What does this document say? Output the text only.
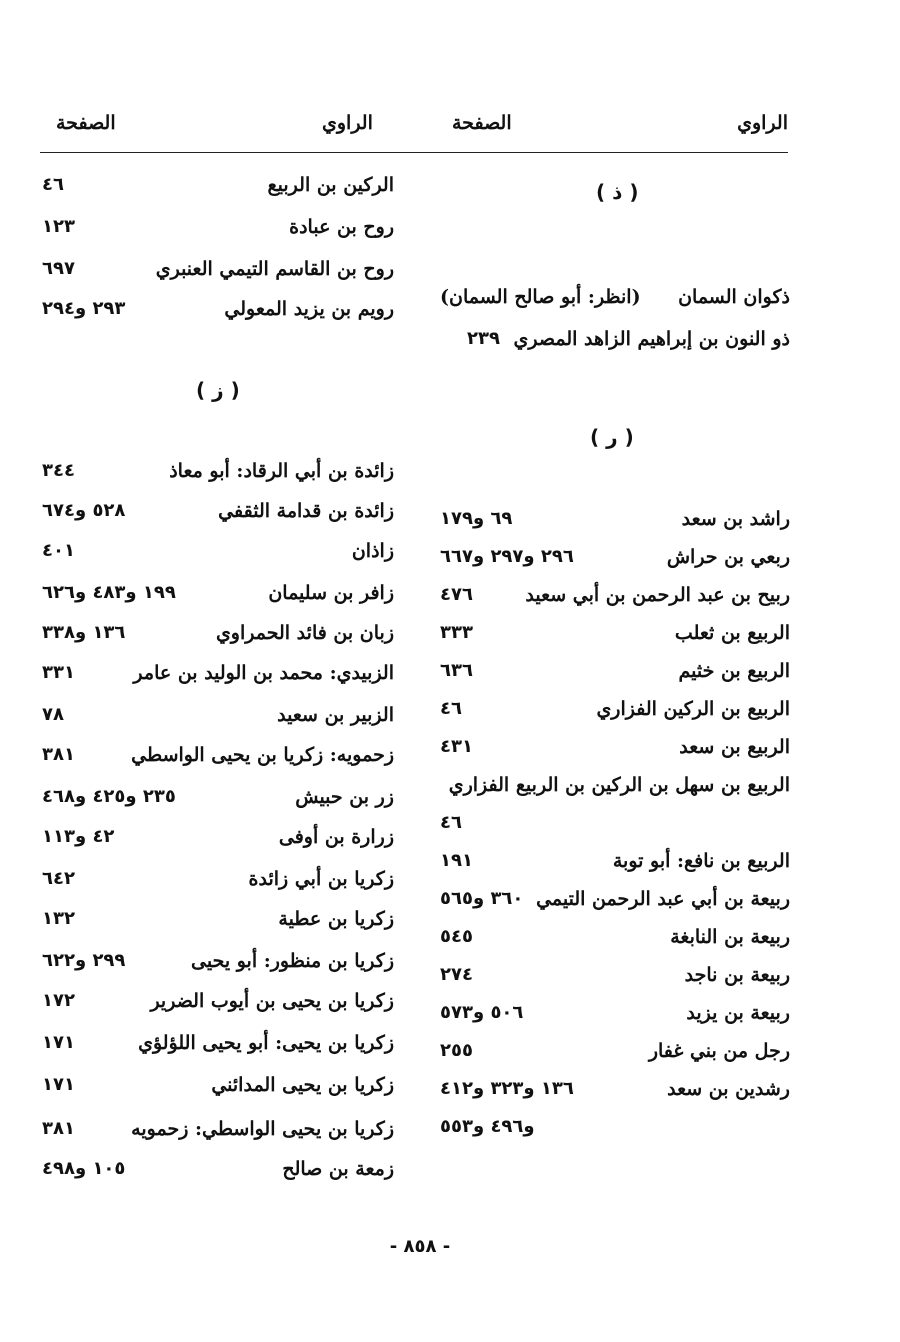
الراوي
الصفحة
الراوي
الصفحة
( ذ )
ذكوان السمان
(انظر: أبو صالح السمان)
ذو النون بن إبراهيم الزاهد المصري
٢٣٩
( ر )
راشد بن سعد
٦٩ و١٧٩
ربعي بن حراش
٢٩٦ و٢٩٧ و٦٦٧
ربيح بن عبد الرحمن بن أبي سعيد
٤٧٦
الربيع بن ثعلب
٣٣٣
الربيع بن خثيم
٦٣٦
الربيع بن الركين الفزاري
٤٦
الربيع بن سعد
٤٣١
الربيع بن سهل بن الركين بن الربيع الفزاري
٤٦
الربيع بن نافع: أبو توبة
١٩١
ربيعة بن أبي عبد الرحمن التيمي
٣٦٠ و٥٦٥
ربيعة بن النابغة
٥٤٥
ربيعة بن ناجد
٢٧٤
ربيعة بن يزيد
٥٠٦ و٥٧٣
رجل من بني غفار
٢٥٥
رشدين بن سعد
١٣٦ و٣٢٣ و٤١٢
و٤٩٦ و٥٥٣
الركين بن الربيع
٤٦
روح بن عبادة
١٢٣
روح بن القاسم التيمي العنبري
٦٩٧
رويم بن يزيد المعولي
٢٩٣ و٢٩٤
( ز )
زائدة بن أبي الرقاد: أبو معاذ
٣٤٤
زائدة بن قدامة الثقفي
٥٢٨ و٦٧٤
زاذان
٤٠١
زافر بن سليمان
١٩٩ و٤٨٣ و٦٢٦
زبان بن فائد الحمراوي
١٣٦ و٣٣٨
الزبيدي: محمد بن الوليد بن عامر
٣٣١
الزبير بن سعيد
٧٨
زحمويه: زكريا بن يحيى الواسطي
٣٨١
زر بن حبيش
٢٣٥ و٤٢٥ و٤٦٨
زرارة بن أوفى
٤٢ و١١٣
زكريا بن أبي زائدة
٦٤٢
زكريا بن عطية
١٣٢
زكريا بن منظور: أبو يحيى
٢٩٩ و٦٢٢
زكريا بن يحيى بن أيوب الضرير
١٧٢
زكريا بن يحيى: أبو يحيى اللؤلؤي
١٧١
زكريا بن يحيى المدائني
١٧١
زكريا بن يحيى الواسطي: زحمويه
٣٨١
زمعة بن صالح
١٠٥ و٤٩٨
- ٨٥٨ -
